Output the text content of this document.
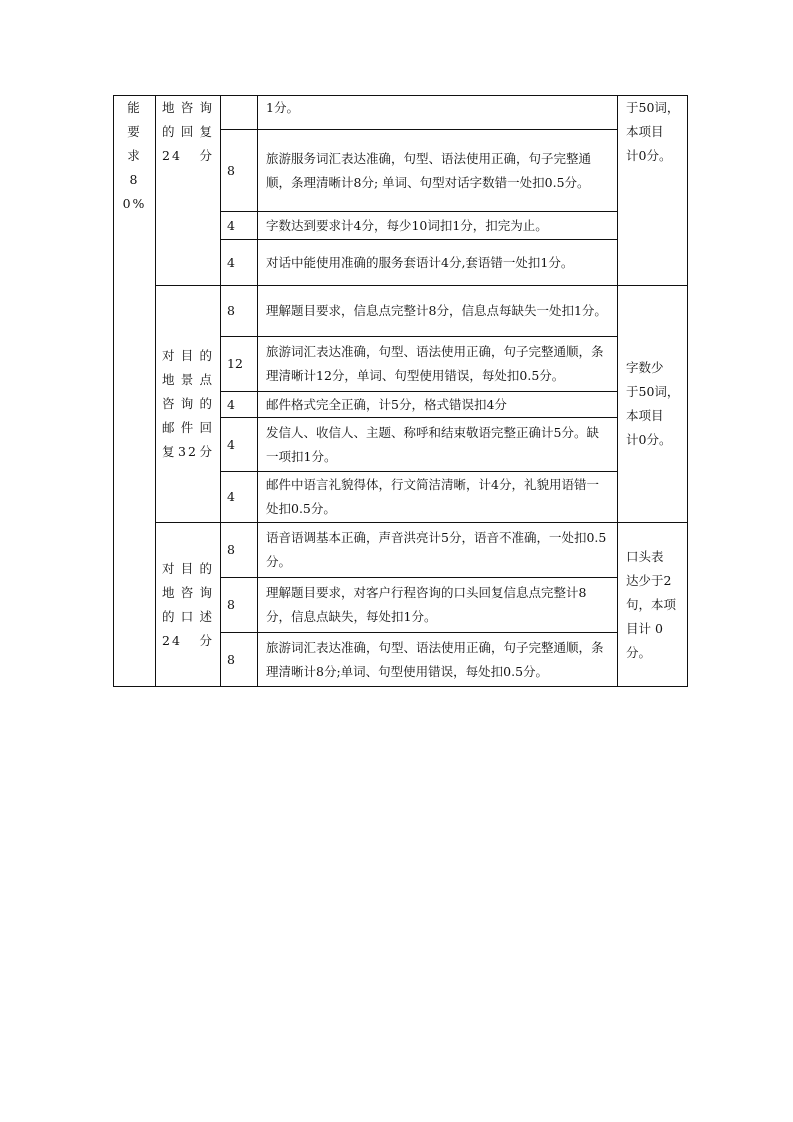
能
要
求
80%	地咨询
的回复
24分		1分。	于50词，
本项目
计0分。

		8	旅游服务词汇表达准确，句型、语法使用正确，句子完整通顺，条理清晰计8分; 单词、句型对话字数错一处扣0.5分。	
		4	字数达到要求计4分，每少10词扣1分，扣完为止。	
		4	对话中能使用准确的服务套语计4分,套语错一处扣1分。	

	对目的
地景点
咨询的
邮件回
复32分	8	理解题目要求，信息点完整计8分，信息点每缺失一处扣1分。	字数少
于50词，
本项目
计0分。

		12	旅游词汇表达准确，句型、语法使用正确，句子完整通顺，条理清晰计12分，单词、句型使用错误，每处扣0.5分。	
		4	邮件格式完全正确，计5分，格式错误扣4分	
		4	发信人、收信人、主题、称呼和结束敬语完整正确计5分。缺一项扣1分。	
		4	邮件中语言礼貌得体，行文简洁清晰，计4分，礼貌用语错一处扣0.5分。	

	对目的
地咨询
的口述
24分	8	语音语调基本正确，声音洪亮计5分，语音不准确，一处扣0.5分。	口头表
达少于2
句，本项
目计 0
分。

		8	理解题目要求，对客户行程咨询的口头回复信息点完整计8分，信息点缺失，每处扣1分。	
		8	旅游词汇表达准确，句型、语法使用正确，句子完整通顺，条理清晰计8分;单词、句型使用错误，每处扣0.5分。	
